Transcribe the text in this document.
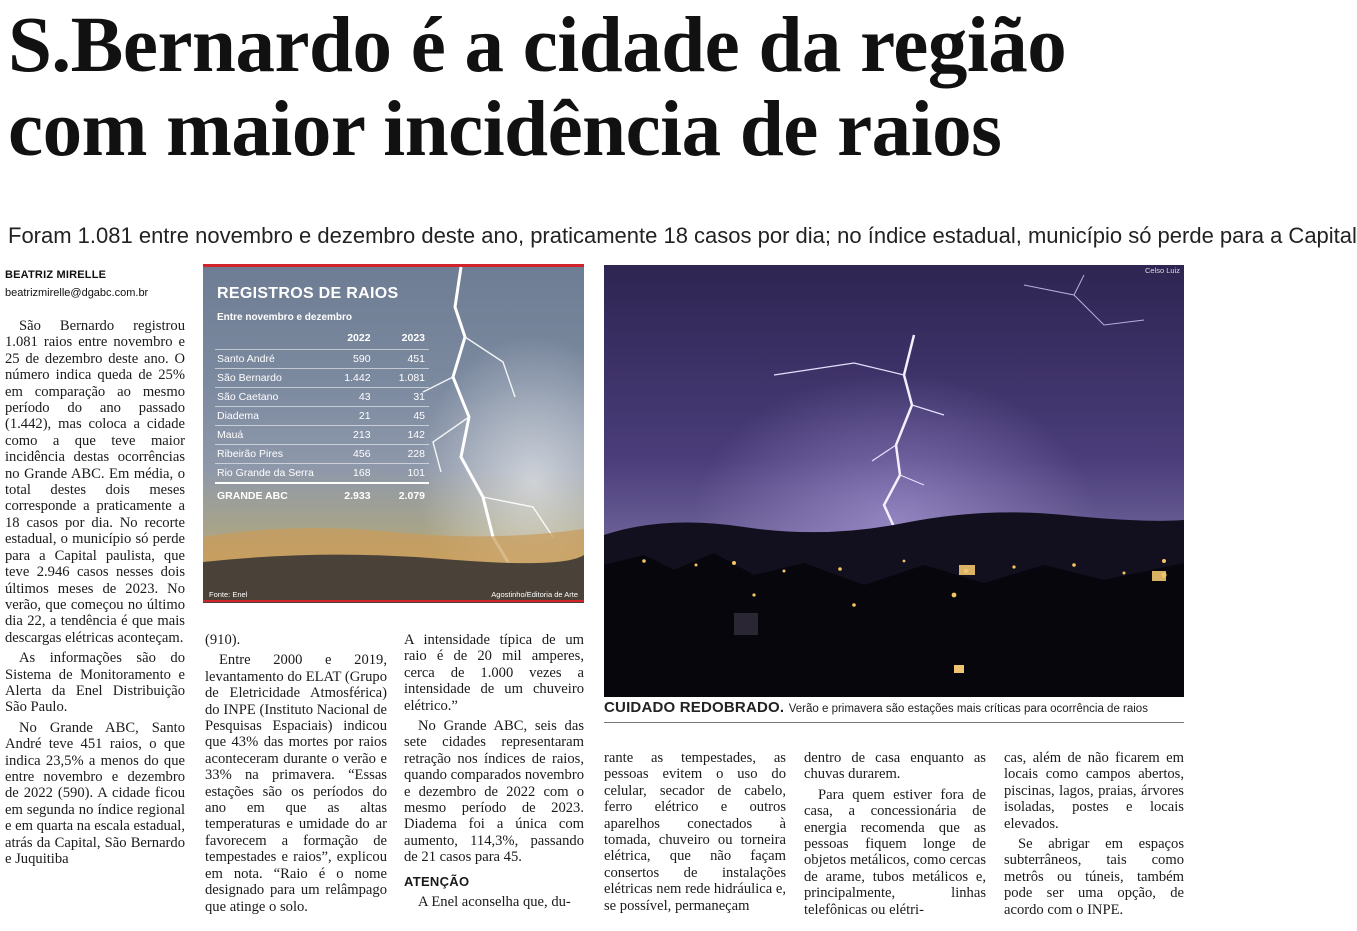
S.Bernardo é a cidade da região com maior incidência de raios
Foram 1.081 entre novembro e dezembro deste ano, praticamente 18 casos por dia; no índice estadual, município só perde para a Capital
BEATRIZ MIRELLE
beatrizmirelle@dgabc.com.br

São Bernardo registrou 1.081 raios entre novembro e 25 de dezembro deste ano. O número indica queda de 25% em comparação ao mesmo período do ano passado (1.442), mas coloca a cidade como a que teve maior incidência destas ocorrências no Grande ABC. Em média, o total destes dois meses corresponde a praticamente a 18 casos por dia. No recorte estadual, o município só perde para a Capital paulista, que teve 2.946 casos nesses dois últimos meses de 2023. No verão, que começou no último dia 22, a tendência é que mais descargas elétricas aconteçam.

As informações são do Sistema de Monitoramento e Alerta da Enel Distribuição São Paulo.

No Grande ABC, Santo André teve 451 raios, o que indica 23,5% a menos do que entre novembro e dezembro de 2022 (590). A cidade ficou em segunda no índice regional e em quarta na escala estadual, atrás da Capital, São Bernardo e Juquitiba

REGISTROS DE RAIOS
Entre novembro e dezembro
	2022	2023
Santo André	590	451
São Bernardo	1.442	1.081
São Caetano	43	31
Diadema	21	45
Mauá	213	142
Ribeirão Pires	456	228
Rio Grande da Serra	168	101
GRANDE ABC	2.933	2.079
Fonte: Enel	Agostinho/Editoria de Arte

(910).

Entre 2000 e 2019, levantamento do ELAT (Grupo de Eletricidade Atmosférica) do INPE (Instituto Nacional de Pesquisas Espaciais) indicou que 43% das mortes por raios aconteceram durante o verão e 33% na primavera. “Essas estações são os períodos do ano em que as altas temperaturas e umidade do ar favorecem a formação de tempestades e raios”, explicou em nota. “Raio é o nome designado para um relâmpago que atinge o solo.

A intensidade típica de um raio é de 20 mil amperes, cerca de 1.000 vezes a intensidade de um chuveiro elétrico.”

No Grande ABC, seis das sete cidades representaram retração nos índices de raios, quando comparados novembro e dezembro de 2022 com o mesmo período de 2023. Diadema foi a única com aumento, 114,3%, passando de 21 casos para 45.

ATENÇÃO

A Enel aconselha que, du-

Celso Luiz
CUIDADO REDOBRADO. Verão e primavera são estações mais críticas para ocorrência de raios

rante as tempestades, as pessoas evitem o uso do celular, secador de cabelo, ferro elétrico e outros aparelhos conectados à tomada, chuveiro ou torneira elétrica, que não façam consertos de instalações elétricas nem rede hidráulica e, se possível, permaneçam

dentro de casa enquanto as chuvas durarem.

Para quem estiver fora de casa, a concessionária de energia recomenda que as pessoas fiquem longe de objetos metálicos, como cercas de arame, tubos metálicos e, principalmente, linhas telefônicas ou elétri-

cas, além de não ficarem em locais como campos abertos, piscinas, lagos, praias, árvores isoladas, postes e locais elevados.

Se abrigar em espaços subterrâneos, tais como metrôs ou túneis, também pode ser uma opção, de acordo com o INPE.
